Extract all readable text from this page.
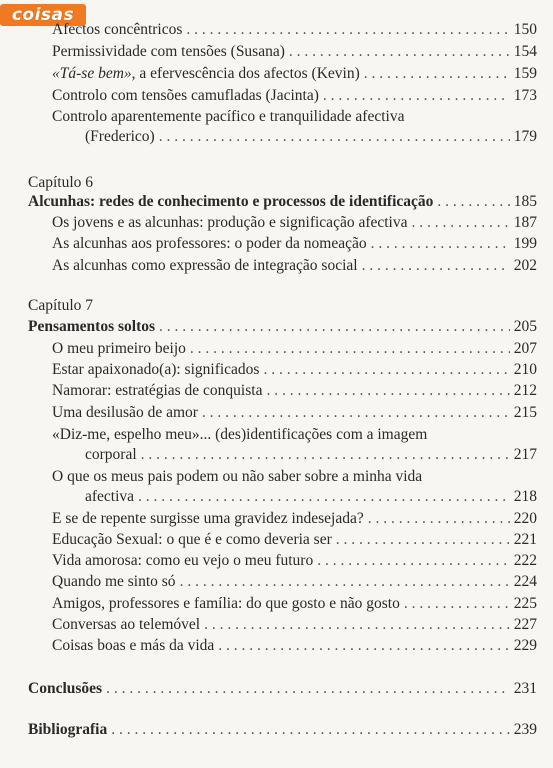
coisas
Afectos concêntricos . . .	150
Permissividade com tensões (Susana) . . .	154
«Tá-se bem», a efervescência dos afectos (Kevin) . . .	159
Controlo com tensões camufladas (Jacinta) . . .	173
Controlo aparentemente pacífico e tranquilidade afectiva
(Frederico) . . .	179
Capítulo 6
Alcunhas: redes de conhecimento e processos de identificação . . .	185
Os jovens e as alcunhas: produção e significação afectiva . . .	187
As alcunhas aos professores: o poder da nomeação . . .	199
As alcunhas como expressão de integração social . . .	202
Capítulo 7
Pensamentos soltos . . .	205
O meu primeiro beijo . . .	207
Estar apaixonado(a): significados . . .	210
Namorar: estratégias de conquista . . .	212
Uma desilusão de amor . . .	215
«Diz-me, espelho meu»... (des)identificações com a imagem
corporal . . .	217
O que os meus pais podem ou não saber sobre a minha vida
afectiva . . .	218
E se de repente surgisse uma gravidez indesejada? . . .	220
Educação Sexual: o que é e como deveria ser . . .	221
Vida amorosa: como eu vejo o meu futuro . . .	222
Quando me sinto só . . .	224
Amigos, professores e família: do que gosto e não gosto . . .	225
Conversas ao telemóvel . . .	227
Coisas boas e más da vida . . .	229
Conclusões . . .	231
Bibliografia . . .	239
